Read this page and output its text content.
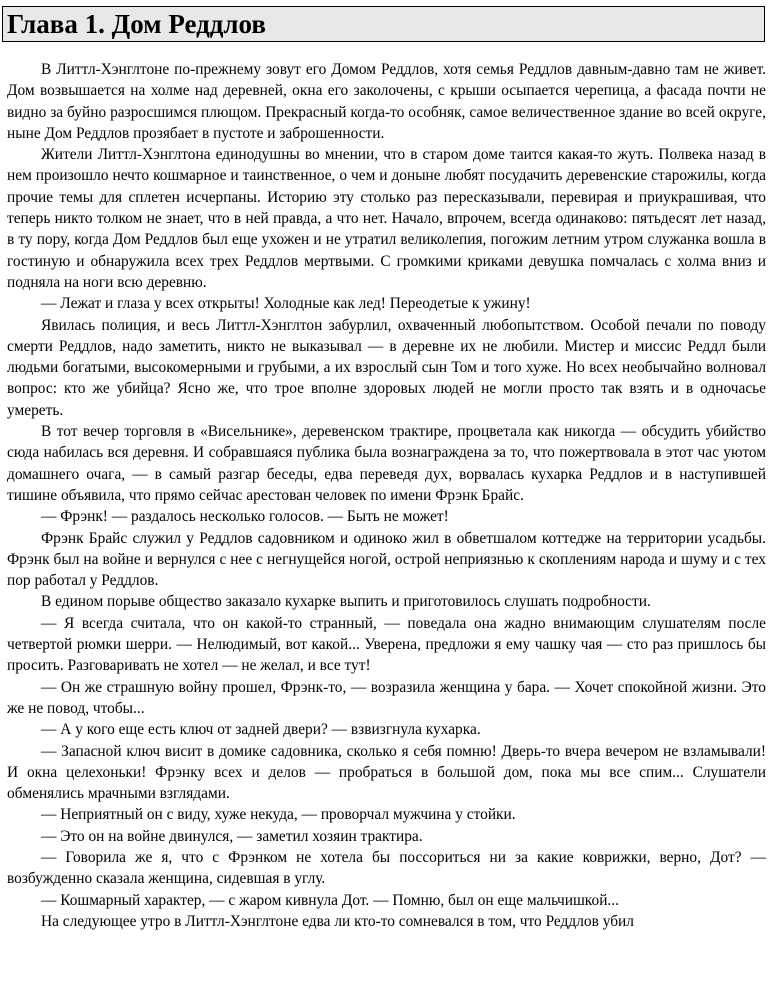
Глава 1. Дом Реддлов

В Литтл-Хэнглтоне по-прежнему зовут его Домом Реддлов, хотя семья Реддлов давным-давно там не живет. Дом возвышается на холме над деревней, окна его заколочены, с крыши осыпается черепица, а фасада почти не видно за буйно разросшимся плющом. Прекрасный когда-то особняк, самое величественное здание во всей округе, ныне Дом Реддлов прозябает в пустоте и заброшенности.

Жители Литтл-Хэнглтона единодушны во мнении, что в старом доме таится какая-то жуть. Полвека назад в нем произошло нечто кошмарное и таинственное, о чем и доныне любят посудачить деревенские старожилы, когда прочие темы для сплетен исчерпаны. Историю эту столько раз пересказывали, перевирая и приукрашивая, что теперь никто толком не знает, что в ней правда, а что нет. Начало, впрочем, всегда одинаково: пятьдесят лет назад, в ту пору, когда Дом Реддлов был еще ухожен и не утратил великолепия, погожим летним утром служанка вошла в гостиную и обнаружила всех трех Реддлов мертвыми. С громкими криками девушка помчалась с холма вниз и подняла на ноги всю деревню.

— Лежат и глаза у всех открыты! Холодные как лед! Переодетые к ужину!

Явилась полиция, и весь Литтл-Хэнглтон забурлил, охваченный любопытством. Особой печали по поводу смерти Реддлов, надо заметить, никто не выказывал — в деревне их не любили. Мистер и миссис Реддл были людьми богатыми, высокомерными и грубыми, а их взрослый сын Том и того хуже. Но всех необычайно волновал вопрос: кто же убийца? Ясно же, что трое вполне здоровых людей не могли просто так взять и в одночасье умереть.

В тот вечер торговля в «Висельнике», деревенском трактире, процветала как никогда — обсудить убийство сюда набилась вся деревня. И собравшаяся публика была вознаграждена за то, что пожертвовала в этот час уютом домашнего очага, — в самый разгар беседы, едва переведя дух, ворвалась кухарка Реддлов и в наступившей тишине объявила, что прямо сейчас арестован человек по имени Фрэнк Брайс.

— Фрэнк! — раздалось несколько голосов. — Быть не может!

Фрэнк Брайс служил у Реддлов садовником и одиноко жил в обветшалом коттедже на территории усадьбы. Фрэнк был на войне и вернулся с нее с негнущейся ногой, острой неприязнью к скоплениям народа и шуму и с тех пор работал у Реддлов.

В едином порыве общество заказало кухарке выпить и приготовилось слушать подробности.

— Я всегда считала, что он какой-то странный, — поведала она жадно внимающим слушателям после четвертой рюмки шерри. — Нелюдимый, вот какой... Уверена, предложи я ему чашку чая — сто раз пришлось бы просить. Разговаривать не хотел — не желал, и все тут!

— Он же страшную войну прошел, Фрэнк-то, — возразила женщина у бара. — Хочет спокойной жизни. Это же не повод, чтобы...

— А у кого еще есть ключ от задней двери? — взвизгнула кухарка.

— Запасной ключ висит в домике садовника, сколько я себя помню! Дверь-то вчера вечером не взламывали! И окна целехоньки! Фрэнку всех и делов — пробраться в большой дом, пока мы все спим... Слушатели обменялись мрачными взглядами.

— Неприятный он с виду, хуже некуда, — проворчал мужчина у стойки.

— Это он на войне двинулся, — заметил хозяин трактира.

— Говорила же я, что с Фрэнком не хотела бы поссориться ни за какие коврижки, верно, Дот? — возбужденно сказала женщина, сидевшая в углу.

— Кошмарный характер, — с жаром кивнула Дот. — Помню, был он еще мальчишкой...

На следующее утро в Литтл-Хэнглтоне едва ли кто-то сомневался в том, что Реддлов убил
